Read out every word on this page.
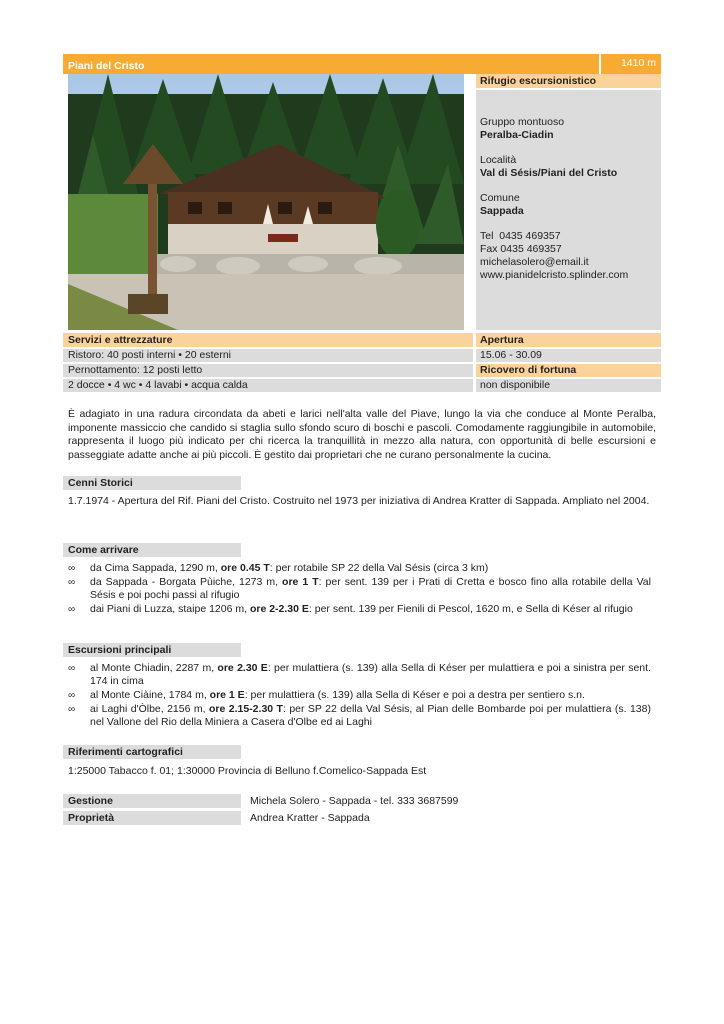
Piani del Cristo	1410 m
Rifugio escursionistico
Gruppo montuoso
Peralba-Ciadin
Località
Val di Sésis/Piani del Cristo
Comune
Sappada
Tel  0435 469357
Fax 0435 469357
michelasolero@email.it
www.pianidelcristo.splinder.com
Servizi e attrezzature	Apertura
Ristoro: 40 posti interni • 20 esterni	15.06 - 30.09
Pernottamento: 12 posti letto	Ricovero di fortuna
2 docce • 4 wc • 4 lavabi • acqua calda	non disponibile
È adagiato in una radura circondata da abeti e larici nell'alta valle del Piave, lungo la via che conduce al Monte Peralba, imponente massiccio che candido si staglia sullo sfondo scuro di boschi e pascoli. Comodamente raggiungibile in automobile, rappresenta il luogo più indicato per chi ricerca la tranquillità in mezzo alla natura, con opportunità di belle escursioni e passeggiate adatte anche ai più piccoli. È gestito dai proprietari che ne curano personalmente la cucina.
Cenni Storici
1.7.1974 - Apertura del Rif. Piani del Cristo. Costruito nel 1973 per iniziativa di Andrea Kratter di Sappada. Ampliato nel 2004.
Come arrivare
∞ da Cima Sappada, 1290 m, ore 0.45 T: per rotabile SP 22 della Val Sésis (circa 3 km)
∞ da Sappada - Borgata Pùiche, 1273 m, ore 1 T: per sent. 139 per i Prati di Cretta e bosco fino alla rotabile della Val Sésis e poi pochi passi al rifugio
∞ dai Piani di Luzza, staipe 1206 m, ore 2-2.30 E: per sent. 139 per Fienili di Pescol, 1620 m, e Sella di Késer al rifugio
Escursioni principali
∞ al Monte Chiadin, 2287 m, ore 2.30 E: per mulattiera (s. 139) alla Sella di Késer per mulattiera e poi a sinistra per sent. 174 in cima
∞ al Monte Ciàine, 1784 m, ore 1 E: per mulattiera (s. 139) alla Sella di Késer e poi a destra per sentiero s.n.
∞ ai Laghi d'Òlbe, 2156 m, ore 2.15-2.30 T: per SP 22 della Val Sésis, al Pian delle Bombarde poi per mulattiera (s. 138) nel Vallone del Rio della Miniera a Casera d'Olbe ed ai Laghi
Riferimenti cartografici
1:25000 Tabacco f. 01; 1:30000 Provincia di Belluno f.Comelico-Sappada Est
Gestione	Michela Solero - Sappada - tel. 333 3687599
Proprietà	Andrea Kratter - Sappada
